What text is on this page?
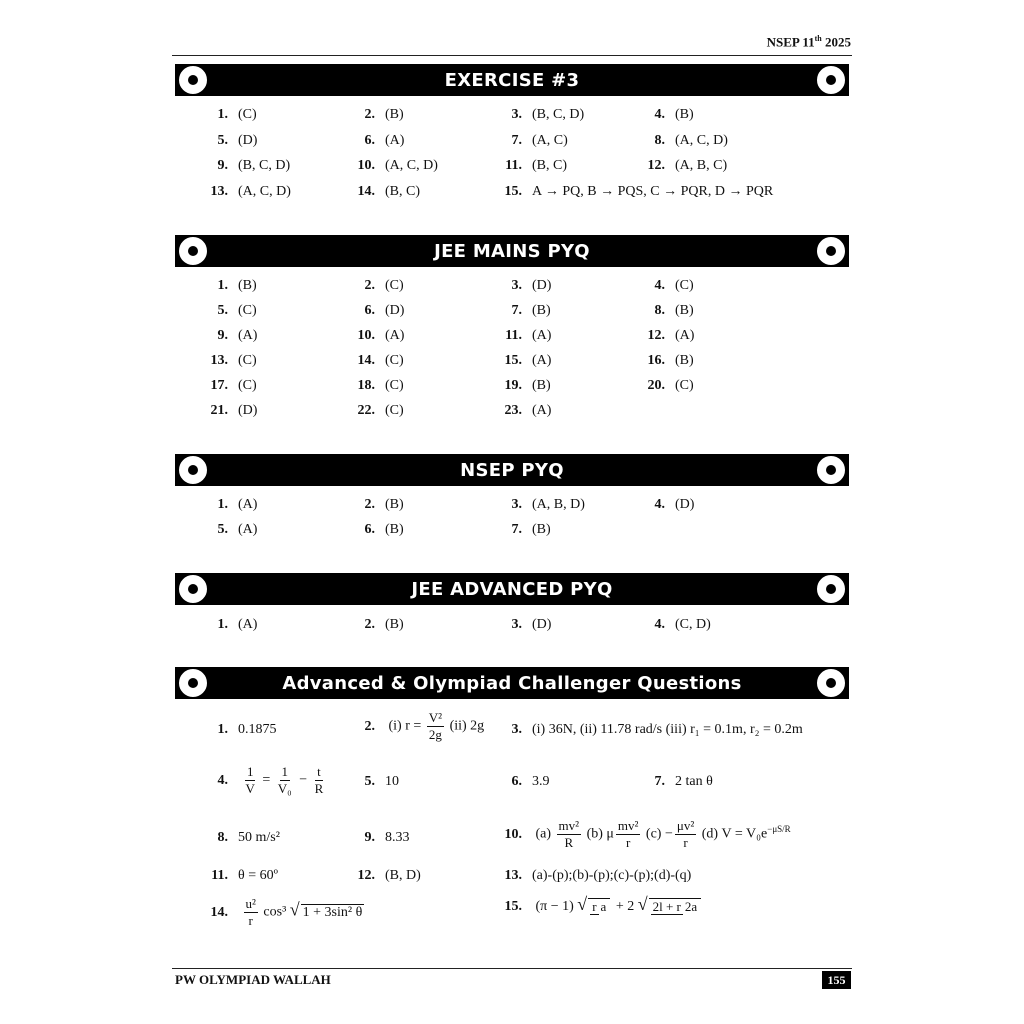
NSEP 11th 2025
EXERCISE #3
1. (C)	2. (B)	3. (B, C, D)	4. (B)
5. (D)	6. (A)	7. (A, C)	8. (A, C, D)
9. (B, C, D)	10. (A, C, D)	11. (B, C)	12. (A, B, C)
13. (A, C, D)	14. (B, C)	15. A → PQ, B → PQS, C → PQR, D → PQR
JEE MAINS PYQ
1. (B)	2. (C)	3. (D)	4. (C)
5. (C)	6. (D)	7. (B)	8. (B)
9. (A)	10. (A)	11. (A)	12. (A)
13. (C)	14. (C)	15. (A)	16. (B)
17. (C)	18. (C)	19. (B)	20. (C)
21. (D)	22. (C)	23. (A)
NSEP PYQ
1. (A)	2. (B)	3. (A, B, D)	4. (D)
5. (A)	6. (B)	7. (B)
JEE ADVANCED PYQ
1. (A)	2. (B)	3. (D)	4. (C, D)
Advanced & Olympiad Challenger Questions
1. 0.1875	2. (i) $r = \frac{\text{V²}}{2g} (ii)$ 2g	3. (i) 36N, (ii) 11.78 rad/s (iii) r₁ = 0.1m, r₂ = 0.2m
4. $\frac{1}{V} = \frac{1}{\text{V₀}} - \frac{t}{R}$	5. 10	6. 3.9	7. 2 tan θ
8. 50 m/s²	9. 8.33	10. $(a) \frac{\text{mv²}}{R} (b)$ μ $\frac{\text{mv²}}{r} (c) - \frac{\text{μv²}}{r} (d) V = V_0e^{-\mu S/R}$
11. θ = 60º	12. (B, D)	13. (a)-(p);(b)-(p);(c)-(p);(d)-(q)
14. $\frac{\text{u²}}{r} \cos^3$ √ 1 + 3sin² θ	15. (π − 1) √ r a + 2 √ 2l + r 2a
PW OLYMPIAD WALLAH	155
